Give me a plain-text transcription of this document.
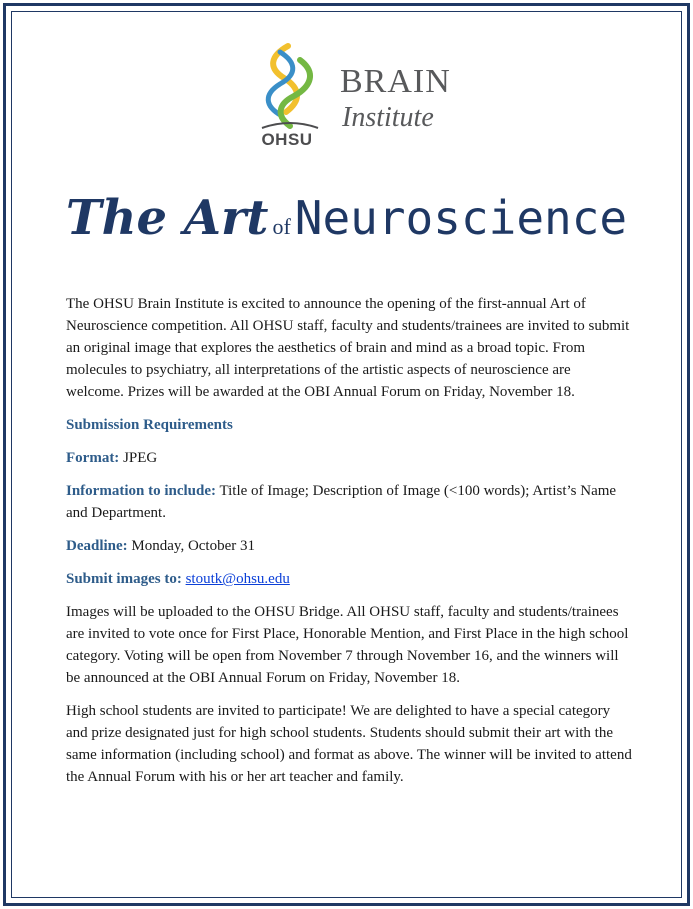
OHSU
BRAIN
Institute
The Art of Neuroscience

The OHSU Brain Institute is excited to announce the opening of the first-annual Art of Neuroscience competition. All OHSU staff, faculty and students/trainees are invited to submit an original image that explores the aesthetics of brain and mind as a broad topic. From molecules to psychiatry, all interpretations of the artistic aspects of neuroscience are welcome. Prizes will be awarded at the OBI Annual Forum on Friday, November 18.

Submission Requirements

Format: JPEG

Information to include: Title of Image; Description of Image (<100 words); Artist’s Name and Department.

Deadline: Monday, October 31

Submit images to: stoutk@ohsu.edu

Images will be uploaded to the OHSU Bridge. All OHSU staff, faculty and students/trainees are invited to vote once for First Place, Honorable Mention, and First Place in the high school category. Voting will be open from November 7 through November 16, and the winners will be announced at the OBI Annual Forum on Friday, November 18.

High school students are invited to participate! We are delighted to have a special category and prize designated just for high school students. Students should submit their art with the same information (including school) and format as above. The winner will be invited to attend the Annual Forum with his or her art teacher and family.
